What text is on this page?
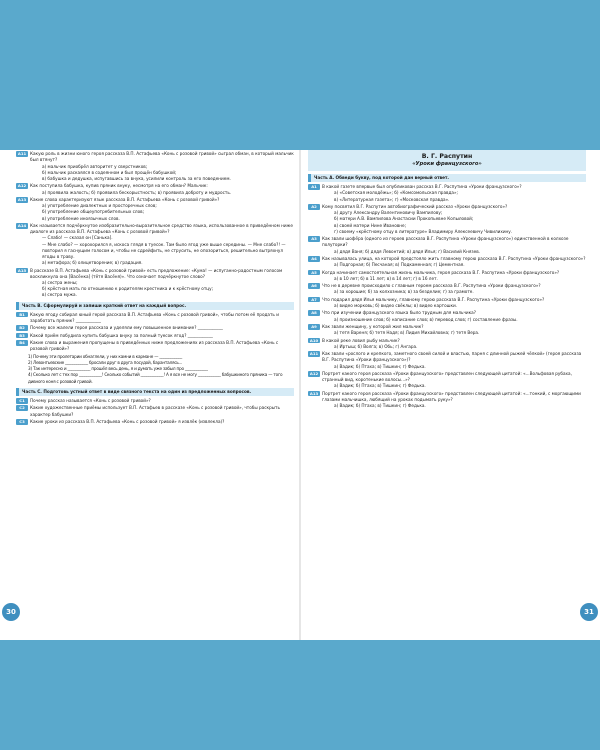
А11 Какую роль в жизни юного героя рассказа В.П. Астафьева «Конь с розовой гривой» сыграл обман, в который мальчик был втянут?
а) мальчик приобрёл авторитет у сверстников;
б) мальчик раскаялся в содеянном и был прощён бабушкой;
в) бабушка и дедушка, испугавшись за внука, усилили контроль за его поведением.
А12 Как поступила бабушка, купив пряник внуку, несмотря на его обман? Мальчик:
а) проявила жалость; б) проявила бескорыстность; в) проявила доброту и мудрость.
А13 Какие слова характеризуют язык рассказа В.П. Астафьева «Конь с розовой гривой»?
а) употребление диалектных и просторечных слов;
б) употребление общеупотребительных слов;
в) употребление иноязычных слов.
А14 Как называется подчёркнутое изобразительно-выразительное средство языка, использованное в приведённом ниже диалоге из рассказа В.П. Астафьева «Конь с розовой гривой»?
— Слабо! — сказал он [Санька].
— Мне слабо? — хорохорился я, искоса глядя в туесок. Там было ягод уже выше середины. — Мне слабо?! — повторил я гаснущим голосом и, чтобы не сдрейфить, не струсить, не опозориться, решительно вытряхнул ягоды в траву.
а) метафора; б) олицетворение; в) градация.
А15 В рассказе В.П. Астафьева «Конь с розовой гривой» есть предложение: «Кума! — испуганно-радостным голосом воскликнула она [Васёнка] (тётя Васёня)». Что означает подчёркнутое слово?
а) сестра жены;
б) крёстная мать по отношению к родителям крестника и к крёстному отцу;
в) сестра мужа.
Часть В. Сформулируй и запиши краткий ответ на каждый вопрос.
В1	Какую ягоду собирал юный герой рассказа В.П. Астафьева «Конь с розовой гривой», чтобы потом её продать и заработать пряник? ____________
В2	Почему все жалели героя рассказа и уделяли ему повышенное внимание? ____________
В3	Какой приём побудила купить бабушка внуку за полный туесок ягод? ____________
В4	Какие слова и выражения пропущены в приведённых ниже предложениях из рассказа В.П. Астафьева «Конь с розовой гривой»?
1) Почему эти пролетарии обнаглели, у них камни в кармане — ____________
2) Левонтьевские ____________ бросали друг в друга посудой, баранталясь...
3) Так интересно и ____________ прошёл весь день, я и думать уже забыл про ____________
4) Сколько лет с тех пор ____________! Сколько событий ____________! А я все не могу ____________ бабушкиного пряника — того дивного коня с розовой гривой.
Часть С. Подготовь устный ответ в виде связного текста на один из предложенных вопросов.
С1	Почему рассказ называется «Конь с розовой гривой»?
С2	Какие художественные приёмы использует В.П. Астафьев в рассказе «Конь с розовой гривой», чтобы раскрыть характер бабушки?
С3	Какие уроки из рассказа В.П. Астафьева «Конь с розовой гривой» я извлёк (извлекла)?
В. Г. Распутин
«Уроки французского»
Часть А. Обведи букву, под которой дан верный ответ.
А1	В какой газете впервые был опубликован рассказ В.Г. Распутина «Уроки французского»?
а) «Советская молодёжь»; б) «Комсомольская правда»;
в) «Литературная газета»; г) «Московская правда».
А2	Кому посвятил В.Г. Распутин автобиографический рассказ «Уроки французского»?
а) другу Александру Валентиновичу Вампилову;
б) матери А.В. Вампилова Анастасии Прокопьевне Копыловой;
в) своей матери Нине Ивановне;
г) своему «крёстному отцу в литературе» Владимиру Алексеевичу Чивилихину.
А3	Как звали шофёра (одного из героев рассказа В.Г. Распутина «Уроки французского») единственной в колхозе полуторки?
а) дядя Ваня; б) дядя Левонтий; в) дядя Илья; г) Василий Князев.
А4	Как называлась улица, на которой предстояло жить главному герою рассказа В.Г. Распутина «Уроки французского»?
а) Подгорная; б) Песчаная; в) Подкаменная; г) Цементная.
А5	Когда начинает самостоятельная жизнь мальчика, героя рассказа В.Г. Распутина «Уроки французского»?
а) в 10 лет; б) в 11 лет; в) в 14 лет; г) в 16 лет.
А6	Что не в деревне происходило с главным героем рассказа В.Г. Распутина «Уроки французского»?
а) за хорошие; б) за колхозника; в) за безделие; г) за грамоте.
А7	Что подарил дядя Илья мальчику, главному герою рассказа В.Г. Распутина «Уроки французского»?
а) видео морковь; б) видео свёклы; в) видео картошки.
А8	Что при изучении французского языка было трудным для мальчика?
а) произношение слов; б) написание слов; в) перевод слов; г) составление фразы.
А9	Как звали женщину, у которой жил мальчик?
а) тетя Вареня; б) тетя Надя; в) Лидия Михайловна; г) тетя Вера.
А10 В какой реке ловил рыбу мальчик?
а) Иртыш; б) Волга; в) Обь; г) Ангара.
А11 Как звали «рослого и крепкого, заметного своей силой и властью, парня с длинной рыжей чёлкой» (героя рассказа В.Г. Распутина «Уроки французского»)?
а) Вадик; б) Птаха; в) Тишкин; г) Федька.
А12 Портрет какого героя рассказа «Уроки французского» представлен следующей цитатой: «...Вольфовая рубаха, странный вид, коротенькие волосы...»?
а) Вадик; б) Птаха; в) Тишкин; г) Федька.
А13 Портрет какого героя рассказа «Уроки французского» представлен следующей цитатой: «...тонкий, с моргающими глазами мальчишка, любящий на уроках подымать руку»?
а) Вадик; б) Птаха; в) Тишкин; г) Федька.
30	31
